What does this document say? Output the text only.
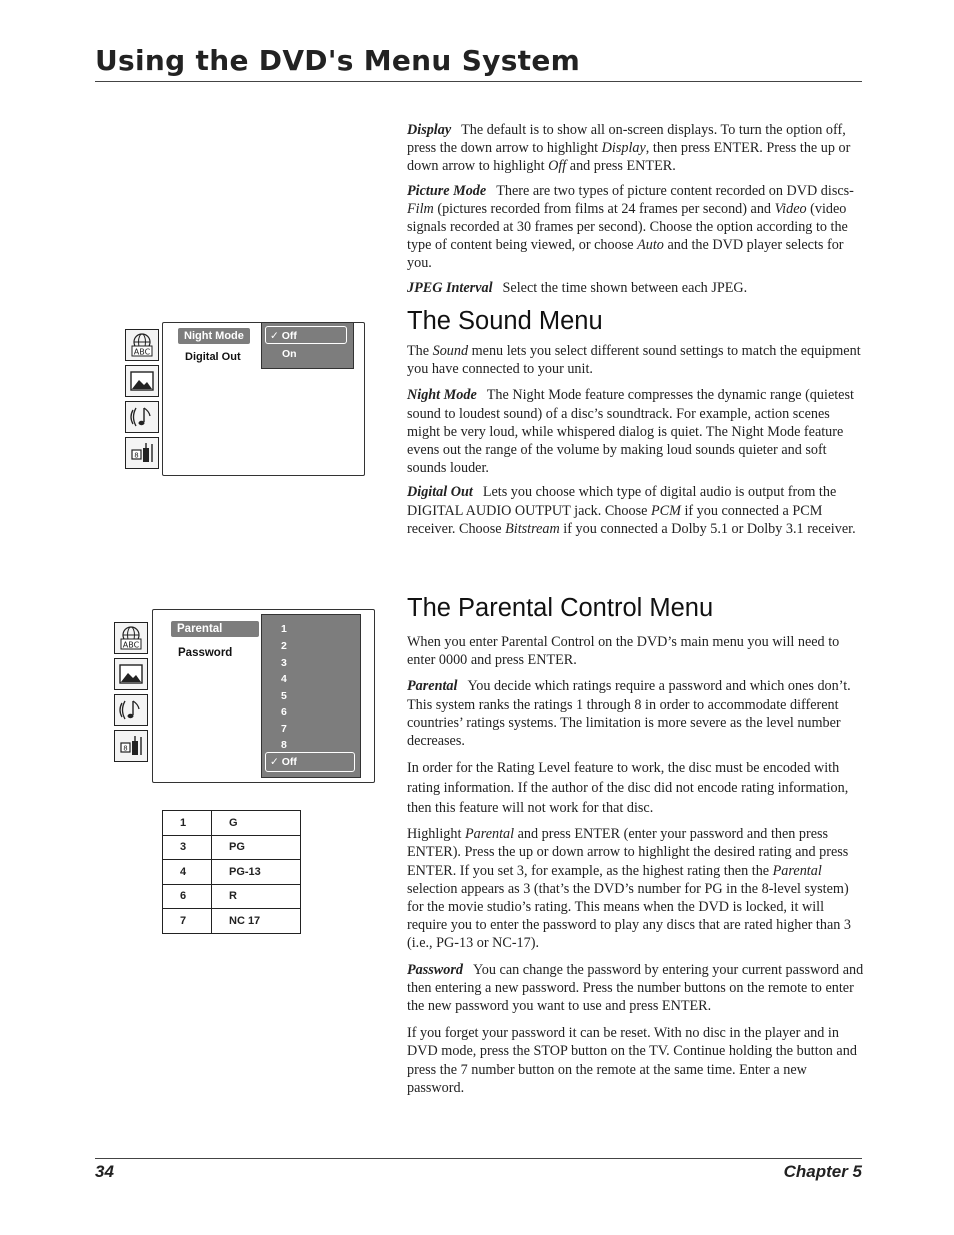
Using the DVD's Menu System

Display The default is to show all on-screen displays. To turn the option off, press the down arrow to highlight Display, then press ENTER. Press the up or down arrow to highlight Off and press ENTER.

Picture Mode There are two types of picture content recorded on DVD discs- Film (pictures recorded from films at 24 frames per second) and Video (video signals recorded at 30 frames per second). Choose the option according to the type of content being viewed, or choose Auto and the DVD player selects for you.

JPEG Interval Select the time shown between each JPEG.

The Sound Menu

The Sound menu lets you select different sound settings to match the equipment you have connected to your unit.

Night Mode The Night Mode feature compresses the dynamic range (quietest sound to loudest sound) of a disc’s soundtrack. For example, action scenes might be very loud, while whispered dialog is quiet. The Night Mode feature evens out the range of the volume by making loud sounds quieter and soft sounds louder.

Digital Out Lets you choose which type of digital audio is output from the DIGITAL AUDIO OUTPUT jack. Choose PCM if you connected a PCM receiver. Choose Bitstream if you connected a Dolby 5.1 or Dolby 3.1 receiver.

ABC
8
Night Mode
Digital Out
✓ Off
On
The Parental Control Menu

When you enter Parental Control on the DVD’s main menu you will need to enter 0000 and press ENTER.

Parental You decide which ratings require a password and which ones don’t. This system ranks the ratings 1 through 8 in order to accommodate different countries’ ratings systems. The limitation is more severe as the level number decreases.

In order for the Rating Level feature to work, the disc must be encoded with rating information. If the author of the disc did not encode rating information, then this feature will not work for that disc.

Highlight Parental and press ENTER (enter your password and then press ENTER). Press the up or down arrow to highlight the desired rating and press ENTER. If you set 3, for example, as the highest rating then the Parental selection appears as 3 (that’s the DVD’s number for PG in the 8-level system) for the movie studio’s rating. This means when the DVD is locked, it will require you to enter the password to play any discs that are rated higher than 3 (i.e., PG-13 or NC-17).

Password You can change the password by entering your current password and then entering a new password. Press the number buttons on the remote to enter the new password you want to use and press ENTER.

If you forget your password it can be reset. With no disc in the player and in DVD mode, press the STOP button on the TV. Continue holding the button and press the 7 number button on the remote at the same time. Enter a new password.

ABC
8
Parental
Password
1
2
3
4
5
6
7
8
✓ Off
1	G
3	PG
4	PG-13
6	R
7	NC 17
34	Chapter 5
